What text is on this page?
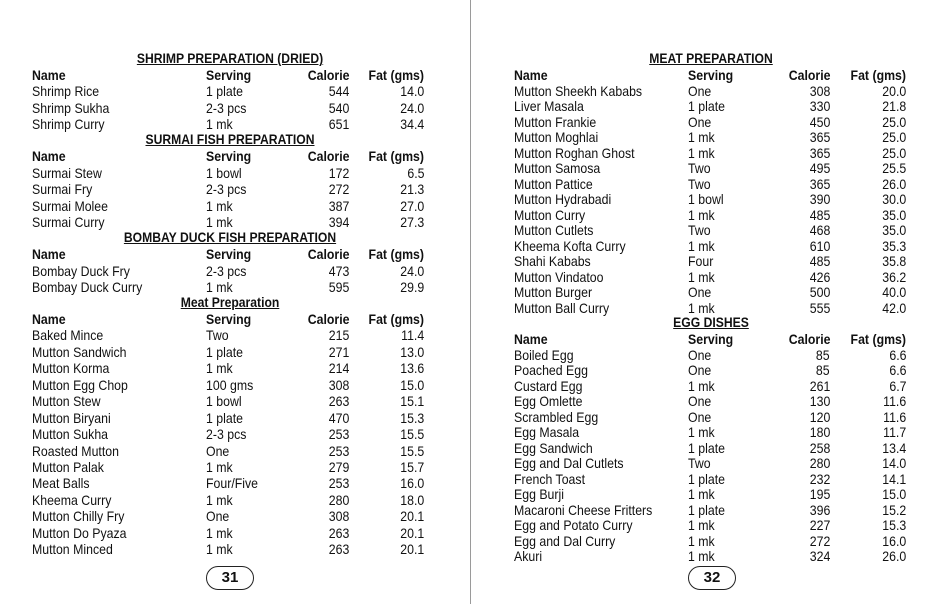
SHRIMP PREPARATION (DRIED)
Name	Serving	Calorie Fat (gms)
Shrimp Rice	1 plate	544	14.0
Shrimp Sukha	2-3 pcs	540	24.0
Shrimp Curry	1 mk	651	34.4
SURMAI FISH PREPARATION
Name	Serving	Calorie Fat (gms)
Surmai Stew	1 bowl	172	6.5
Surmai Fry	2-3 pcs	272	21.3
Surmai Molee	1 mk	387	27.0
Surmai Curry	1 mk	394	27.3
BOMBAY DUCK FISH PREPARATION
Name	Serving	Calorie Fat (gms)
Bombay Duck Fry	2-3 pcs	473	24.0
Bombay Duck Curry	1 mk	595	29.9
Meat Preparation
Name	Serving	Calorie Fat (gms)
Baked Mince	Two	215	11.4
Mutton Sandwich	1 plate	271	13.0
Mutton Korma	1 mk	214	13.6
Mutton Egg Chop	100 gms	308	15.0
Mutton Stew	1 bowl	263	15.1
Mutton Biryani	1 plate	470	15.3
Mutton Sukha	2-3 pcs	253	15.5
Roasted Mutton	One	253	15.5
Mutton Palak	1 mk	279	15.7
Meat Balls	Four/Five	253	16.0
Kheema Curry	1 mk	280	18.0
Mutton Chilly Fry	One	308	20.1
Mutton Do Pyaza	1 mk	263	20.1
Mutton Minced	1 mk	263	20.1
31
MEAT PREPARATION
Name	Serving	Calorie Fat (gms)
Mutton Sheekh Kababs	One	308	20.0
Liver Masala	1 plate	330	21.8
Mutton Frankie	One	450	25.0
Mutton Moghlai	1 mk	365	25.0
Mutton Roghan Ghost	1 mk	365	25.0
Mutton Samosa	Two	495	25.5
Mutton Pattice	Two	365	26.0
Mutton Hydrabadi	1 bowl	390	30.0
Mutton Curry	1 mk	485	35.0
Mutton Cutlets	Two	468	35.0
Kheema Kofta Curry	1 mk	610	35.3
Shahi Kababs	Four	485	35.8
Mutton Vindatoo	1 mk	426	36.2
Mutton Burger	One	500	40.0
Mutton Ball Curry	1 mk	555	42.0
EGG DISHES
Name	Serving	Calorie Fat (gms)
Boiled Egg	One	85	6.6
Poached Egg	One	85	6.6
Custard Egg	1 mk	261	6.7
Egg Omlette	One	130	11.6
Scrambled Egg	One	120	11.6
Egg Masala	1 mk	180	11.7
Egg Sandwich	1 plate	258	13.4
Egg and Dal Cutlets	Two	280	14.0
French Toast	1 plate	232	14.1
Egg Burji	1 mk	195	15.0
Macaroni Cheese Fritters	1 plate	396	15.2
Egg and Potato Curry	1 mk	227	15.3
Egg and Dal Curry	1 mk	272	16.0
Akuri	1 mk	324	26.0
32
